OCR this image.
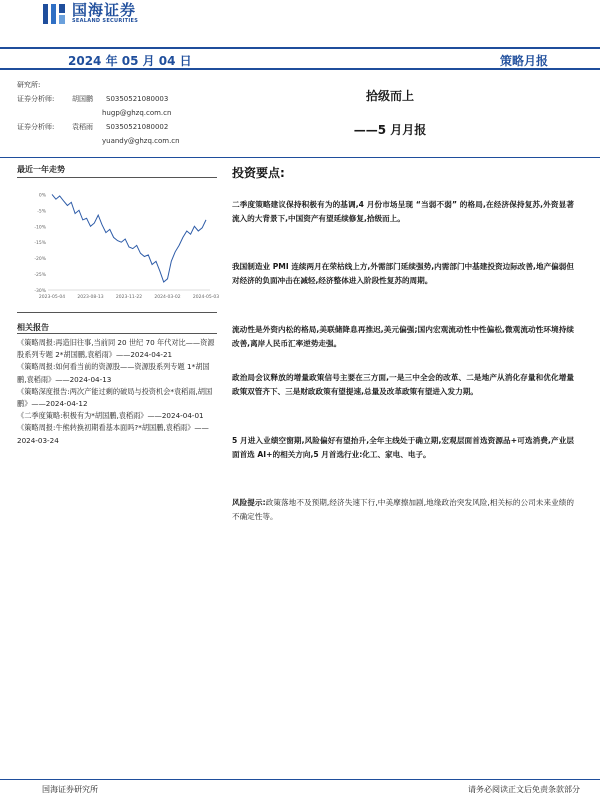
国海证券
SEALAND SECURITIES
2024 年 05 月 04 日	策略月报
研究所:
证券分析师:	胡国鹏	S0350521080003
hugp@ghzq.com.cn
证券分析师:	袁稻雨	S0350521080002
yuandy@ghzq.com.cn
拾级而上
——5 月月报
最近一年走势
0%
-5%
-10%
-15%
-20%
-25%
-30%
2023-05-04	2023-08-13	2023-11-22	2024-03-02	2024-05-03
相关报告

《策略周报:再造旧往事,当前同 20 世纪 70 年代对比——资源股系列专题 2*胡国鹏,袁稻雨》——2024-04-21

《策略周报:如何看当前的资源股——资源股系列专题 1*胡国鹏,袁稻雨》——2024-04-13

《策略深度报告:两次产能过剩的破局与投资机会*袁稻雨,胡国鹏》——2024-04-12

《二季度策略:积极有为*胡国鹏,袁稻雨》——2024-04-01

《策略周报:牛熊转换初期看基本面吗?*胡国鹏,袁稻雨》——2024-03-24

投资要点:

二季度策略建议保持积极有为的基调,4 月份市场呈现 “当弱不弱” 的格局,在经济保持复苏,外资显著流入的大背景下,中国资产有望延续修复,拾级而上。

我国制造业 PMI 连续两月在荣枯线上方,外需部门延续强势,内需部门中基建投资边际改善,地产偏弱但对经济的负面冲击在减轻,经济整体进入阶段性复苏的周期。

流动性是外资内松的格局,美联储降息再推迟,美元偏强;国内宏观流动性中性偏松,微观流动性环境持续改善,离岸人民币汇率逆势走强。

政治局会议释放的增量政策信号主要在三方面,一是三中全会的改革、二是地产从消化存量和优化增量政策双管齐下、三是财政政策有望提速,总量及改革政策有望进入发力期。

5 月进入业绩空窗期,风险偏好有望抬升,全年主线处于确立期,宏观层面首选资源品+可选消费,产业层面首选 AI+的相关方向,5 月首选行业:化工、家电、电子。

风险提示:政策落地不及预期,经济失速下行,中美摩擦加剧,地缘政治突发风险,相关标的公司未来业绩的不确定性等。

国海证券研究所	请务必阅读正文后免责条款部分
